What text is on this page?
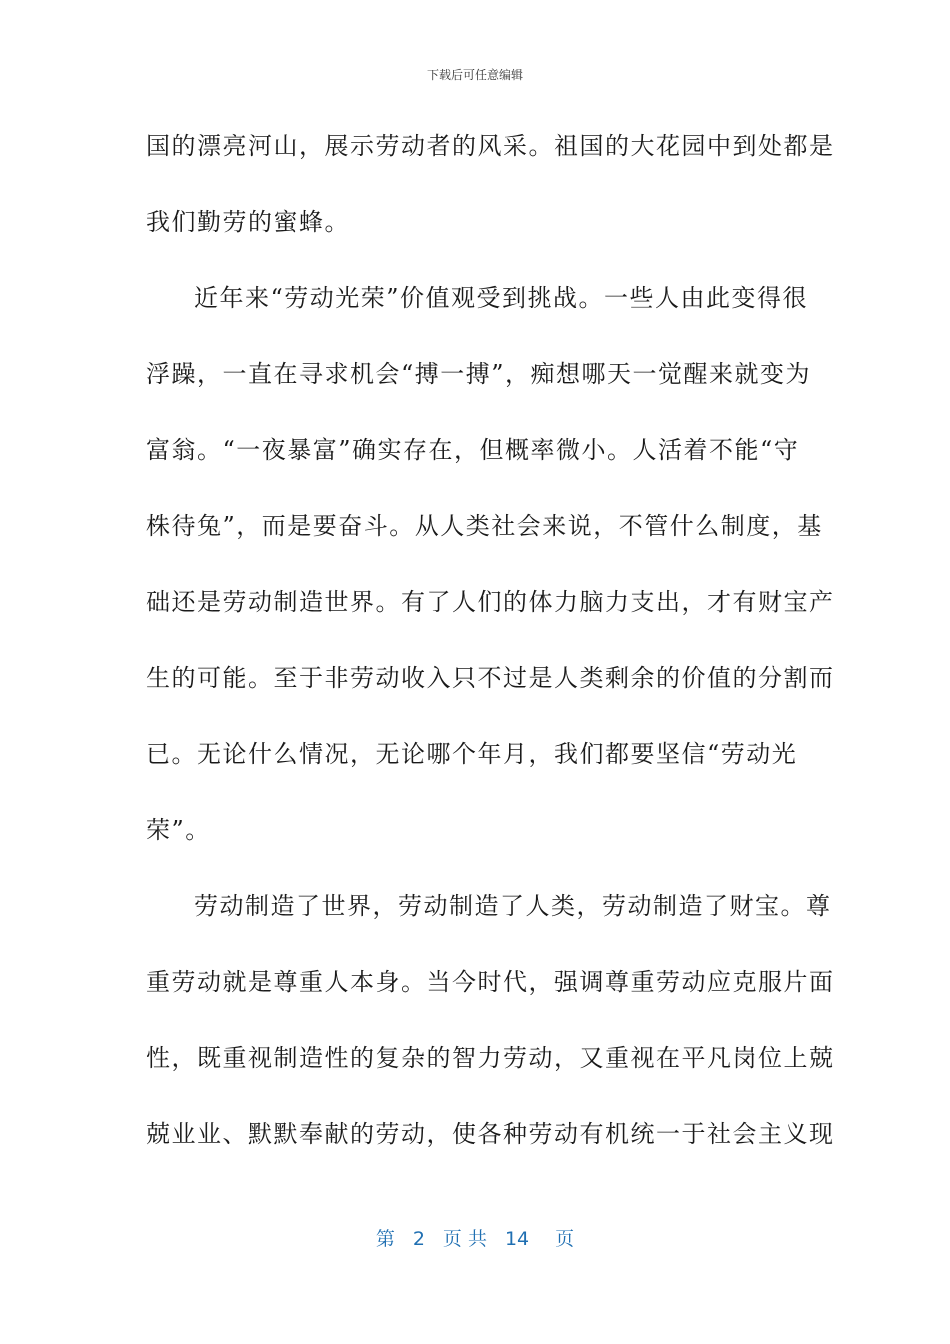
下载后可任意编辑
国的漂亮河山，展示劳动者的风采。祖国的大花园中到处都是
我们勤劳的蜜蜂。
近年来“劳动光荣”价值观受到挑战。一些人由此变得很
浮躁，一直在寻求机会“搏一搏”，痴想哪天一觉醒来就变为
富翁。“一夜暴富”确实存在，但概率微小。人活着不能“守
株待兔”，而是要奋斗。从人类社会来说，不管什么制度，基
础还是劳动制造世界。有了人们的体力脑力支出，才有财宝产
生的可能。至于非劳动收入只不过是人类剩余的价值的分割而
已。无论什么情况，无论哪个年月，我们都要坚信“劳动光
荣”。
劳动制造了世界，劳动制造了人类，劳动制造了财宝。尊
重劳动就是尊重人本身。当今时代，强调尊重劳动应克服片面
性，既重视制造性的复杂的智力劳动，又重视在平凡岗位上兢
兢业业、默默奉献的劳动，使各种劳动有机统一于社会主义现
第 2 页 共 14 页
